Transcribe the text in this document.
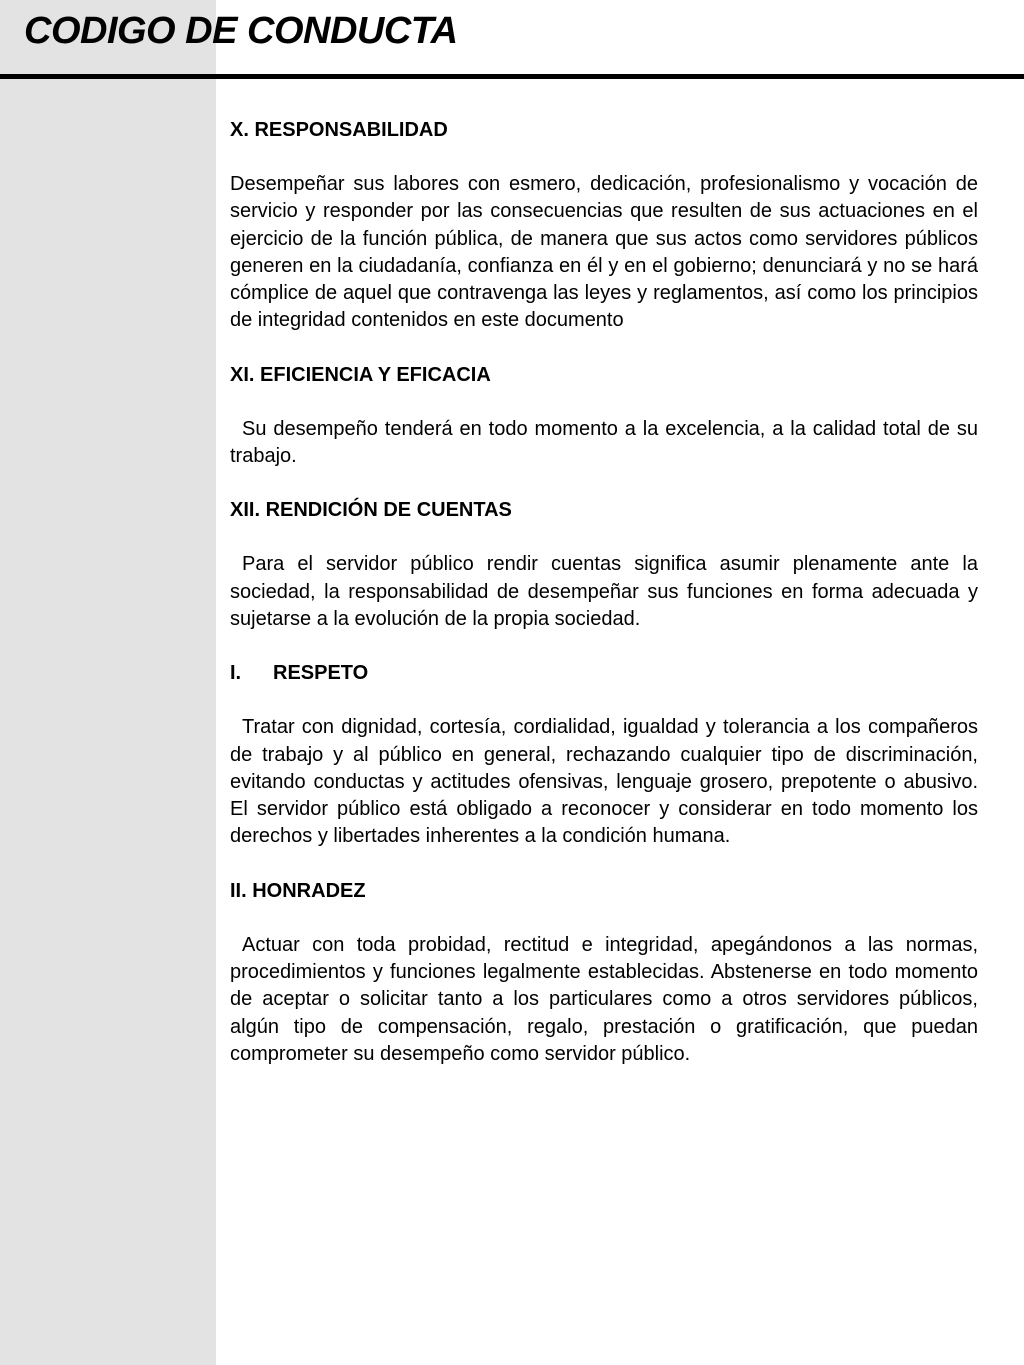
CODIGO DE CONDUCTA
X. RESPONSABILIDAD

Desempeñar sus labores con esmero, dedicación, profesionalismo y vocación de servicio y responder por las consecuencias que resulten de sus actuaciones en el ejercicio de la función pública, de manera que sus actos como servidores públicos generen en la ciudadanía, confianza en él y en el gobierno; denunciará y no se hará cómplice de aquel que contravenga las leyes y reglamentos, así como los principios de integridad contenidos en este documento

XI. EFICIENCIA Y EFICACIA

Su desempeño tenderá en todo momento a la excelencia, a la calidad total de su trabajo.

XII. RENDICIÓN DE CUENTAS

Para el servidor público rendir cuentas significa asumir plenamente ante la sociedad, la responsabilidad de desempeñar sus funciones en forma adecuada y sujetarse a la evolución de la propia sociedad.

I. RESPETO

Tratar con dignidad, cortesía, cordialidad, igualdad y tolerancia a los compañeros de trabajo y al público en general, rechazando cualquier tipo de discriminación, evitando conductas y actitudes ofensivas, lenguaje grosero, prepotente o abusivo. El servidor público está obligado a reconocer y considerar en todo momento los derechos y libertades inherentes a la condición humana.

II. HONRADEZ

Actuar con toda probidad, rectitud e integridad, apegándonos a las normas, procedimientos y funciones legalmente establecidas. Abstenerse en todo momento de aceptar o solicitar tanto a los particulares como a otros servidores públicos, algún tipo de compensación, regalo, prestación o gratificación, que puedan comprometer su desempeño como servidor público.
